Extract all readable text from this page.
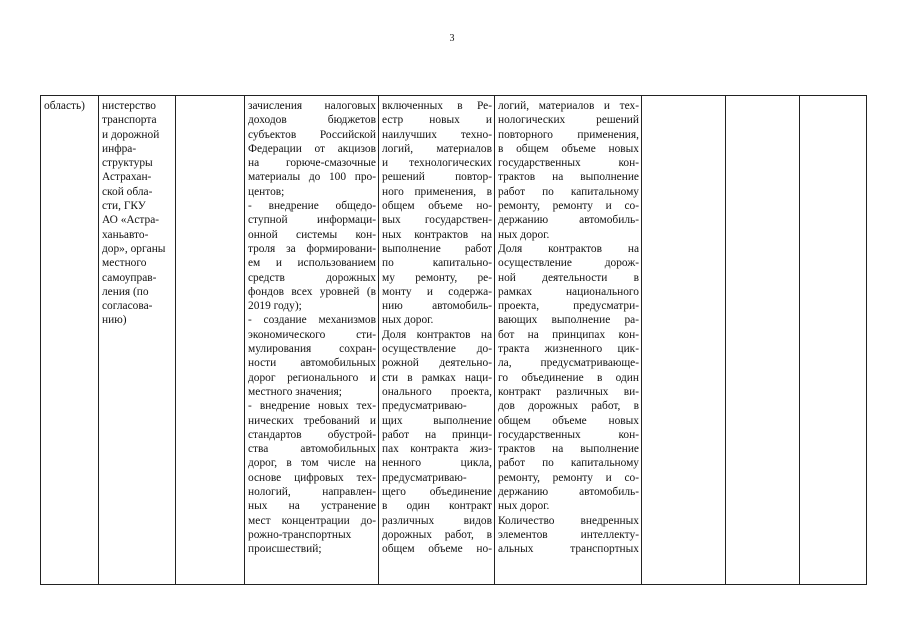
3
область)	нистерство
транспорта
и дорожной
инфра-
структуры
Астрахан-
ской обла-
сти, ГКУ
АО «Астра-
ханьавто-
дор», органы
местного
самоуправ-
ления (по
согласова-
нию)
зачисления налоговых
доходов бюджетов
субъектов Российской
Федерации от акцизов
на горюче-смазочные
материалы до 100 про-
центов;
- внедрение общедо-
ступной информаци-
онной системы кон-
троля за формировани-
ем и использованием
средств дорожных
фондов всех уровней (в
2019 году);
- создание механизмов
экономического сти-
мулирования сохран-
ности автомобильных
дорог регионального и
местного значения;
- внедрение новых тех-
нических требований и
стандартов обустрой-
ства автомобильных
дорог, в том числе на
основе цифровых тех-
нологий, направлен-
ных на устранение
мест концентрации до-
рожно-транспортных
происшествий;
включенных в Ре-
естр новых и
наилучших техно-
логий, материалов
и технологических
решений повтор-
ного применения, в
общем объеме но-
вых государствен-
ных контрактов на
выполнение работ
по капитально-
му ремонту, ре-
монту и содержа-
нию автомобиль-
ных дорог.
Доля контрактов на
осуществление до-
рожной деятельно-
сти в рамках наци-
онального проекта,
предусматриваю-
щих выполнение
работ на принци-
пах контракта жиз-
ненного цикла,
предусматриваю-
щего объединение
в один контракт
различных видов
дорожных работ, в
общем объеме но-
логий, материалов и тех-
нологических решений
повторного применения,
в общем объеме новых
государственных кон-
трактов на выполнение
работ по капитальному
ремонту, ремонту и со-
держанию автомобиль-
ных дорог.
Доля контрактов на
осуществление дорож-
ной деятельности в
рамках национального
проекта, предусматри-
вающих выполнение ра-
бот на принципах кон-
тракта жизненного цик-
ла, предусматривающе-
го объединение в один
контракт различных ви-
дов дорожных работ, в
общем объеме новых
государственных кон-
трактов на выполнение
работ по капитальному
ремонту, ремонту и со-
держанию автомобиль-
ных дорог.
Количество внедренных
элементов интеллекту-
альных транспортных
